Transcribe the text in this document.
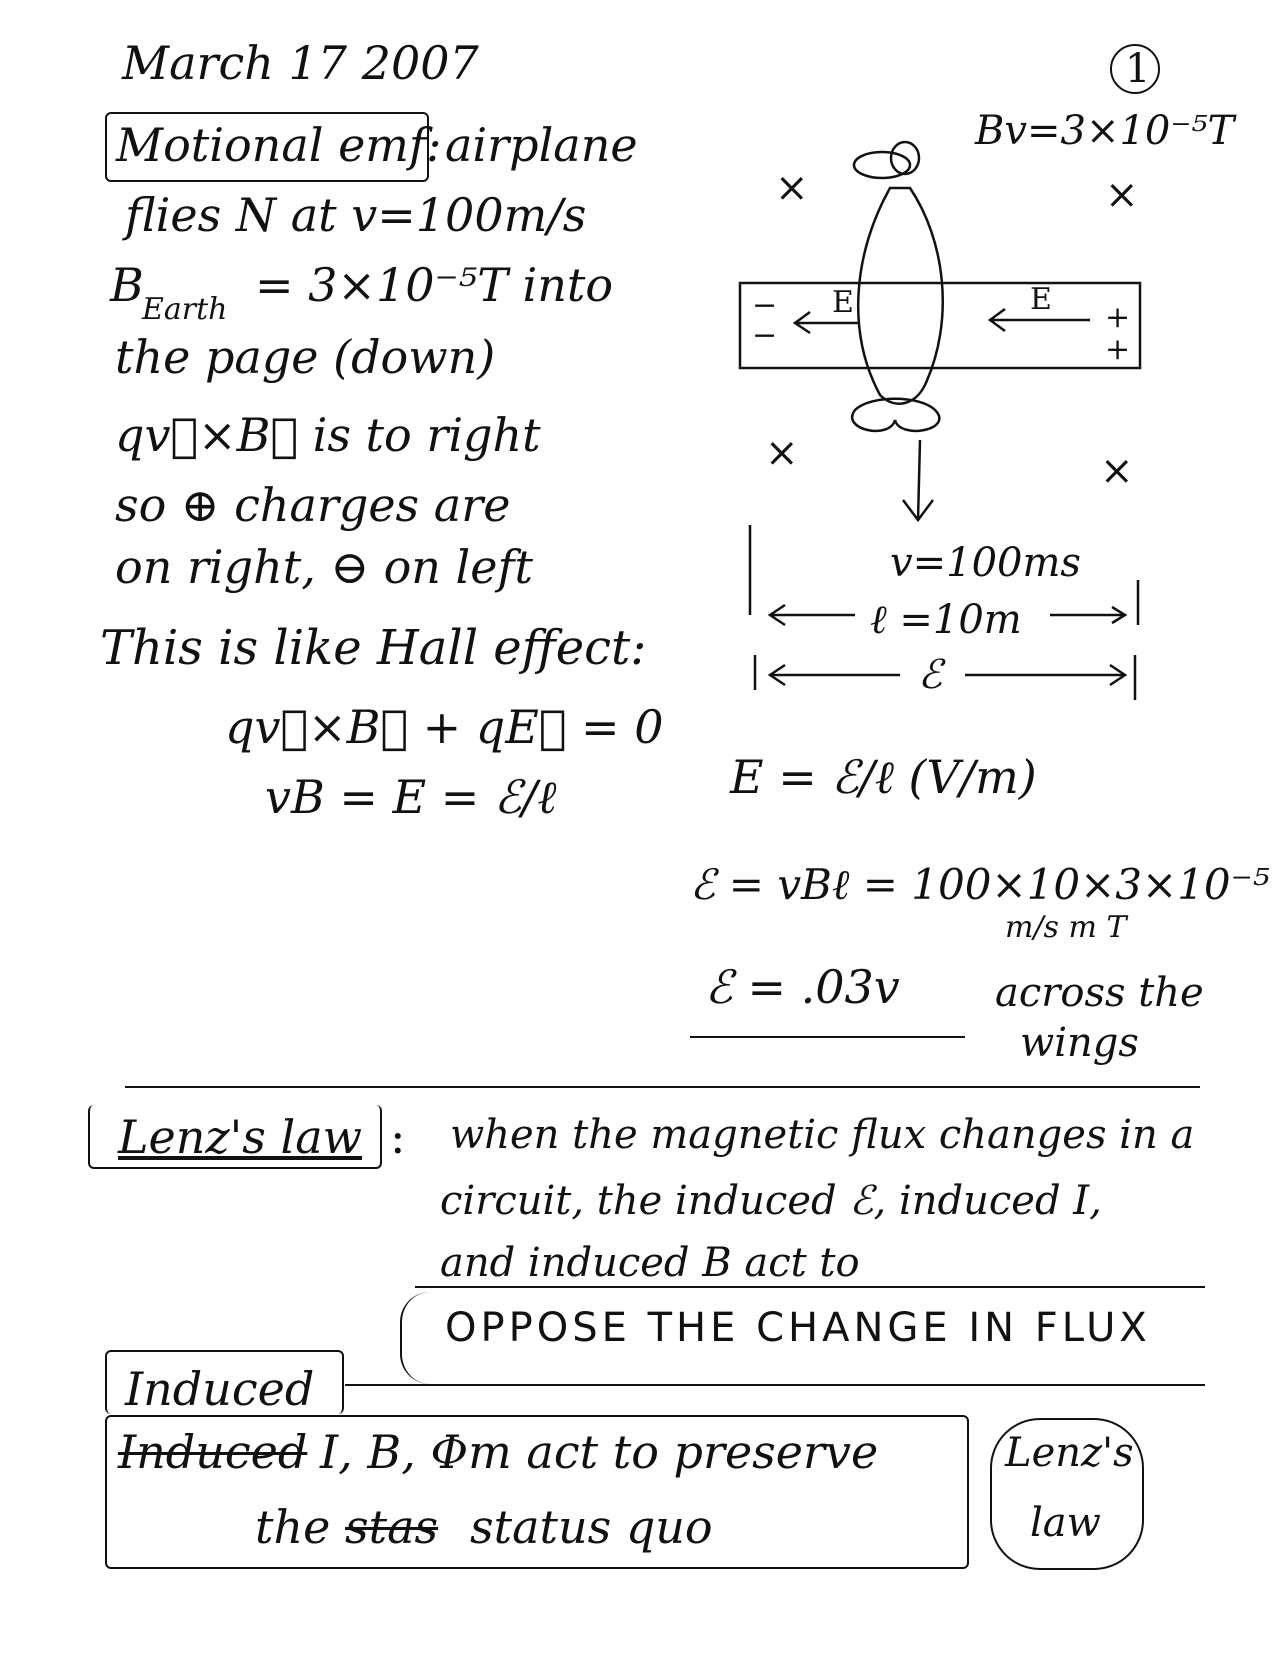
March 17 2007	1
Motional emf: airplane
flies N at v=100m/s
B
Earth = 3×10⁻⁵T into
the page (down)
qv⃗×B⃗ is to right
so ⊕ charges are
on right, ⊖ on left
This is like Hall effect:
qv⃗×B⃗ + qE⃗ = 0
vB = E = ℰ/ℓ
Bv=3×10⁻⁵T
×	×
×	×
E	E
−
−
+
+
v=100ms
ℓ =10m
ℰ
E = ℰ/ℓ (V/m)
ℰ = vBℓ = 100×10×3×10⁻⁵
m/s m T
ℰ = .03v across the
wings
Lenz's law : when the magnetic flux changes in a
circuit, the induced ℰ, induced I,
and induced B act to
OPPOSE THE CHANGE IN FLUX
Induced
Induced I, B, Φm act to preserve
the stas status quo
Lenz's
law
